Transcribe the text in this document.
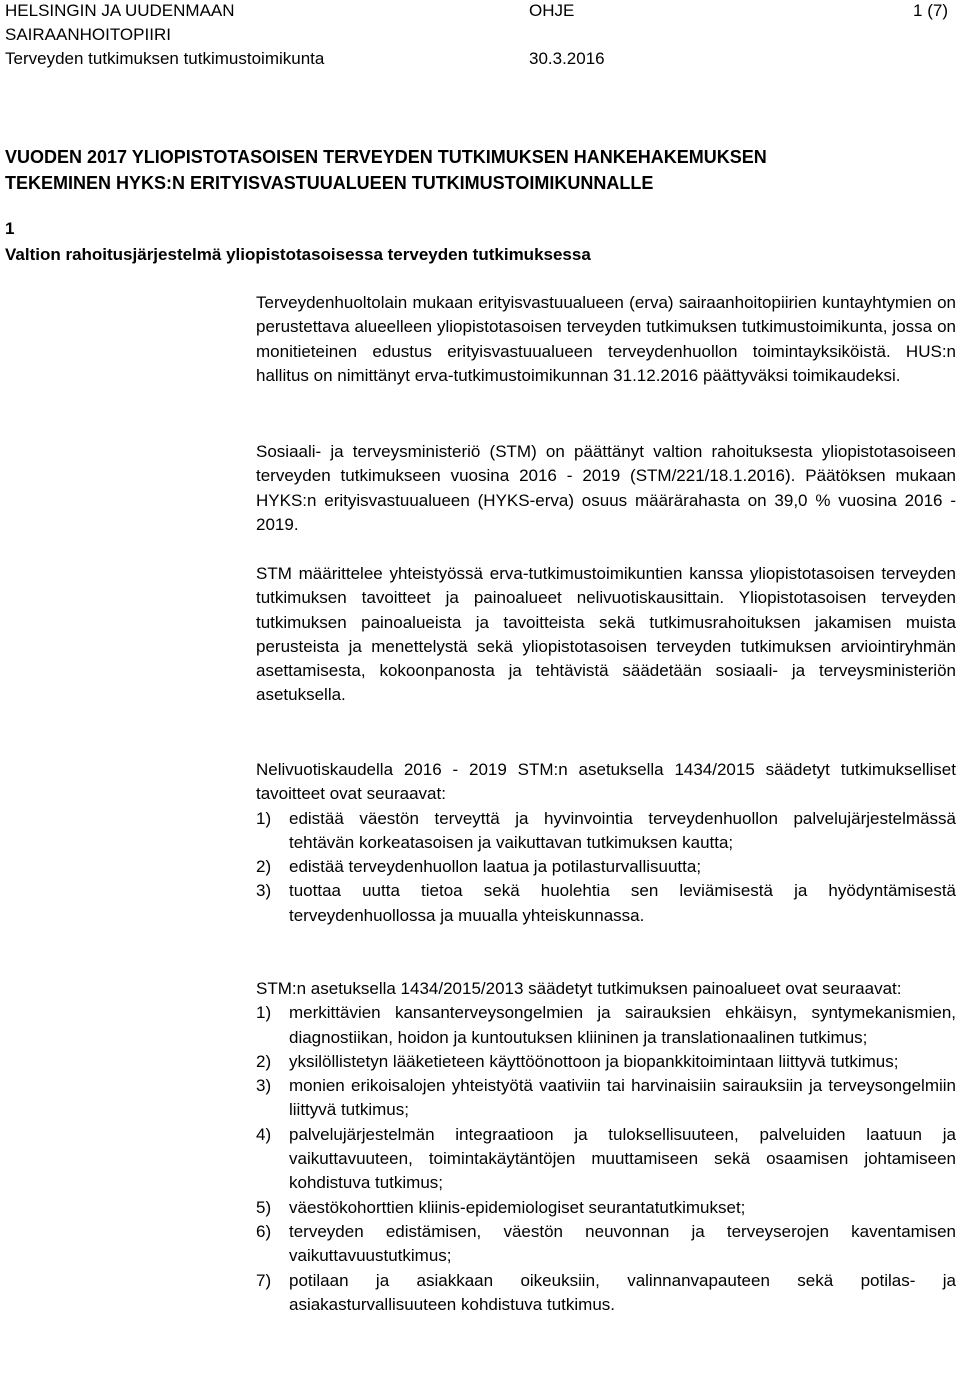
HELSINGIN JA UUDENMAAN	OHJE	1 (7)
SAIRAANHOITOPIIRI
Terveyden tutkimuksen tutkimustoimikunta	30.3.2016
VUODEN 2017 YLIOPISTOTASOISEN TERVEYDEN TUTKIMUKSEN HANKEHAKEMUKSEN
TEKEMINEN HYKS:N ERITYISVASTUUALUEEN TUTKIMUSTOIMIKUNNALLE
1
Valtion rahoitusjärjestelmä yliopistotasoisessa terveyden tutkimuksessa

Terveydenhuoltolain mukaan erityisvastuualueen (erva) sairaanhoitopiirien kuntayhtymien on perustettava alueelleen yliopistotasoisen terveyden tutkimuksen tutkimustoimikunta, jossa on monitieteinen edustus erityisvastuualueen terveydenhuollon toimintayksiköistä. HUS:n hallitus on nimittänyt erva-tutkimustoimikunnan 31.12.2016 päättyväksi toimikaudeksi.

Sosiaali- ja terveysministeriö (STM) on päättänyt valtion rahoituksesta yliopistotasoiseen terveyden tutkimukseen vuosina 2016 - 2019 (STM/221/18.1.2016). Päätöksen mukaan HYKS:n erityisvastuualueen (HYKS-erva) osuus määrärahasta on 39,0 % vuosina 2016 - 2019.

STM määrittelee yhteistyössä erva-tutkimustoimikuntien kanssa yliopistotasoisen terveyden tutkimuksen tavoitteet ja painoalueet nelivuotiskausittain. Yliopistotasoisen terveyden tutkimuksen painoalueista ja tavoitteista sekä tutkimusrahoituksen jakamisen muista perusteista ja menettelystä sekä yliopistotasoisen terveyden tutkimuksen arviointiryhmän asettamisesta, kokoonpanosta ja tehtävistä säädetään sosiaali- ja terveysministeriön asetuksella.

Nelivuotiskaudella 2016 - 2019 STM:n asetuksella 1434/2015 säädetyt tutkimukselliset tavoitteet ovat seuraavat:

1) edistää väestön terveyttä ja hyvinvointia terveydenhuollon palvelujärjestelmässä tehtävän korkeatasoisen ja vaikuttavan tutkimuksen kautta;
2) edistää terveydenhuollon laatua ja potilasturvallisuutta;
3) tuottaa uutta tietoa sekä huolehtia sen leviämisestä ja hyödyntämisestä terveydenhuollossa ja muualla yhteiskunnassa.

STM:n asetuksella 1434/2015/2013 säädetyt tutkimuksen painoalueet ovat seuraavat:

1) merkittävien kansanterveysongelmien ja sairauksien ehkäisyn, syntymekanismien, diagnostiikan, hoidon ja kuntoutuksen kliininen ja translationaalinen tutkimus;
2) yksilöllistetyn lääketieteen käyttöönottoon ja biopankkitoimintaan liittyvä tutkimus;
3) monien erikoisalojen yhteistyötä vaativiin tai harvinaisiin sairauksiin ja terveysongelmiin liittyvä tutkimus;
4) palvelujärjestelmän integraatioon ja tuloksellisuuteen, palveluiden laatuun ja vaikuttavuuteen, toimintakäytäntöjen muuttamiseen sekä osaamisen johtamiseen kohdistuva tutkimus;
5) väestökohorttien kliinis-epidemiologiset seurantatutkimukset;
6) terveyden edistämisen, väestön neuvonnan ja terveyserojen kaventamisen vaikuttavuustutkimus;
7) potilaan ja asiakkaan oikeuksiin, valinnanvapauteen sekä potilas- ja asiakasturvallisuuteen kohdistuva tutkimus.
